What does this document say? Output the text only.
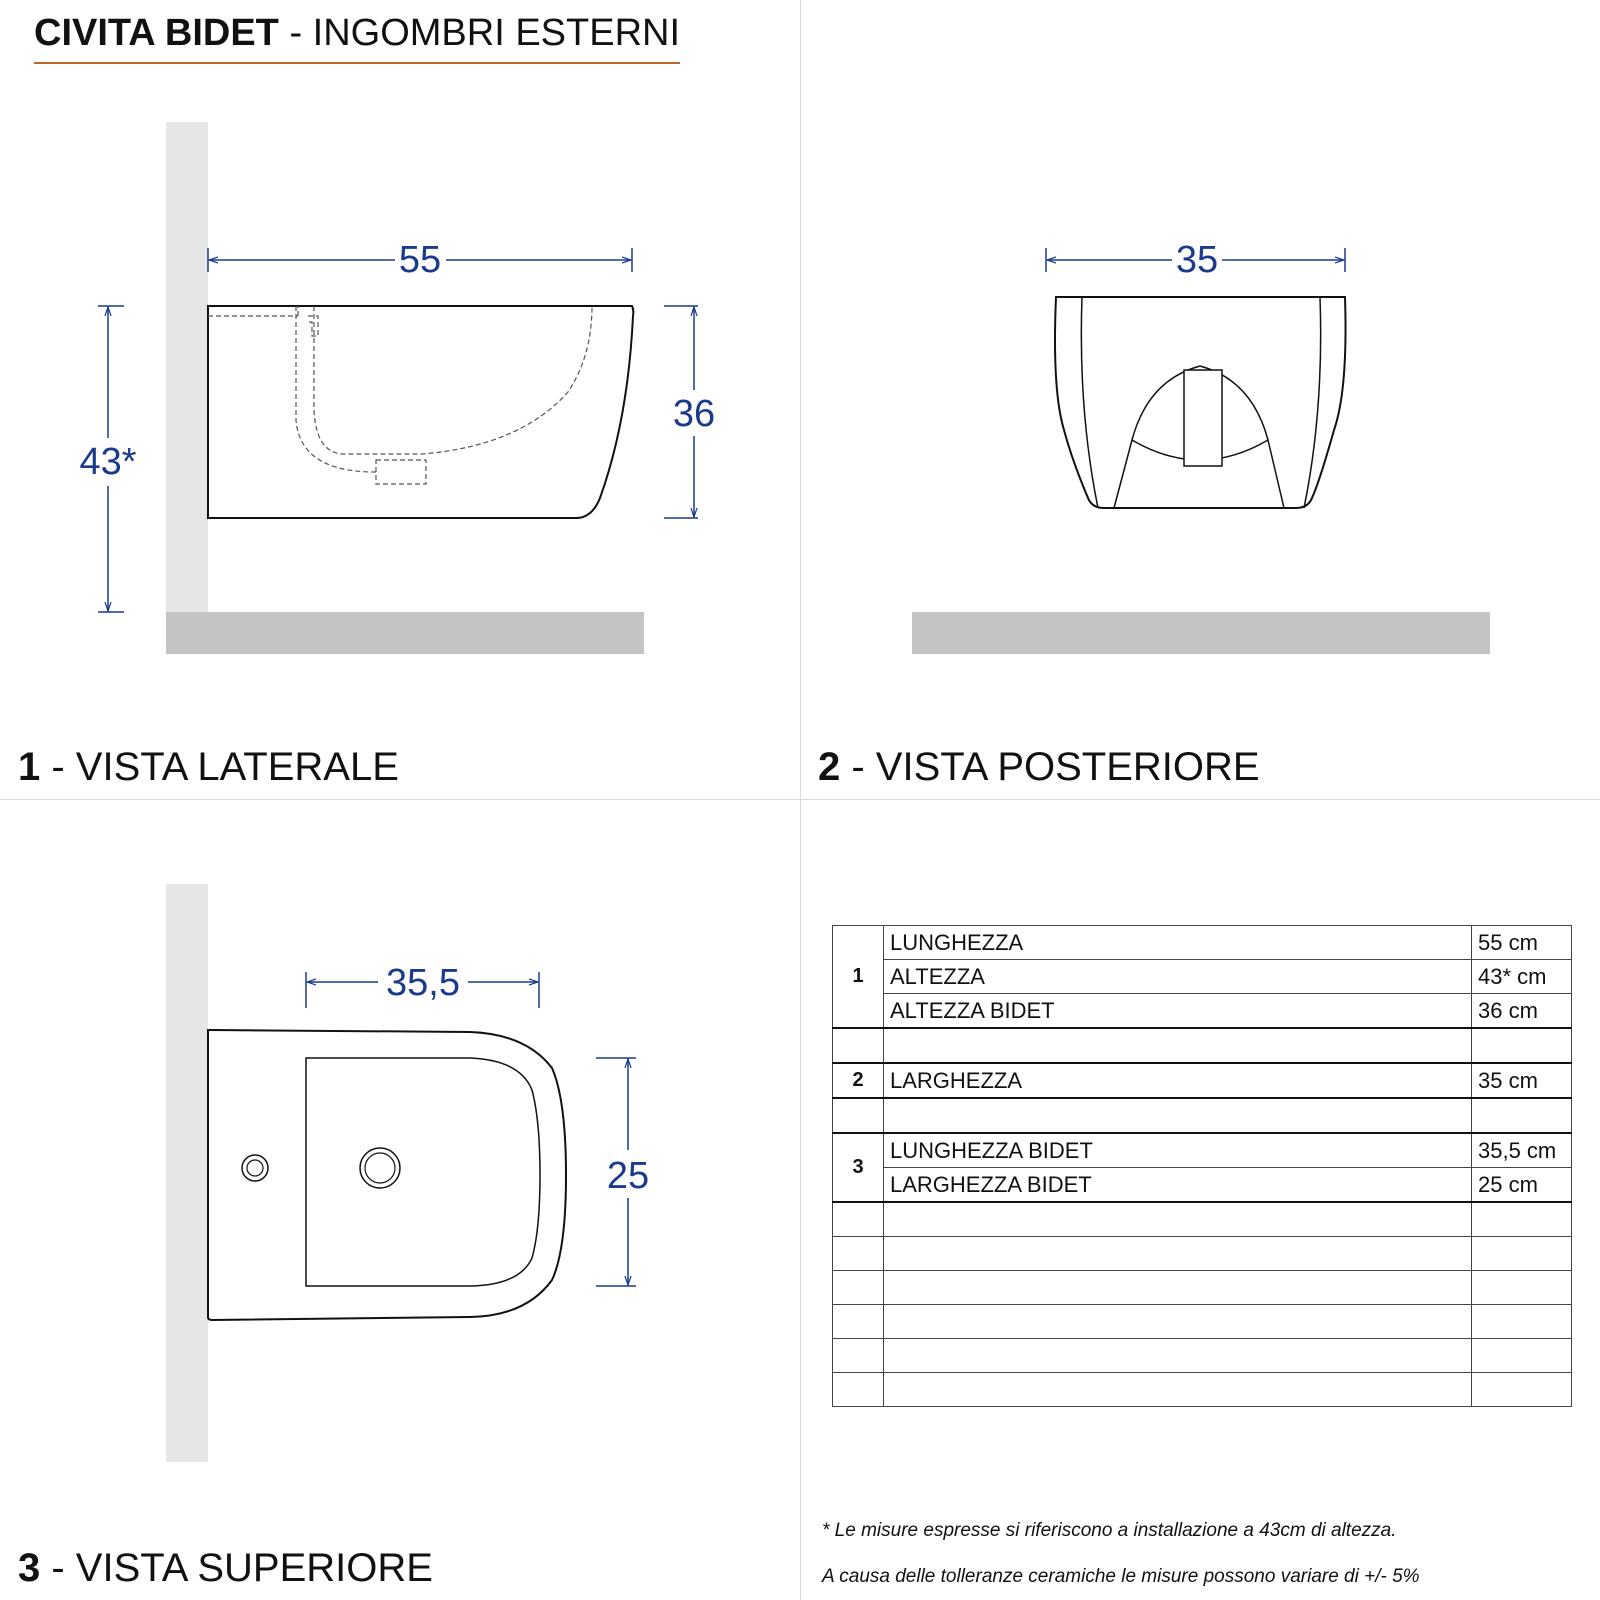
CIVITA BIDET - INGOMBRI ESTERNI
55
43*
36
35
35,5
25
1 - VISTA LATERALE	2 - VISTA POSTERIORE
3 - VISTA SUPERIORE
1	LUNGHEZZA	55 cm
	ALTEZZA	43* cm
	ALTEZZA BIDET	36 cm

2	LARGHEZZA	35 cm

3	LUNGHEZZA BIDET	35,5 cm
	LARGHEZZA BIDET	25 cm

* Le misure espresse si riferiscono a installazione a 43cm di altezza.
A causa delle tolleranze ceramiche le misure possono variare di +/- 5%
